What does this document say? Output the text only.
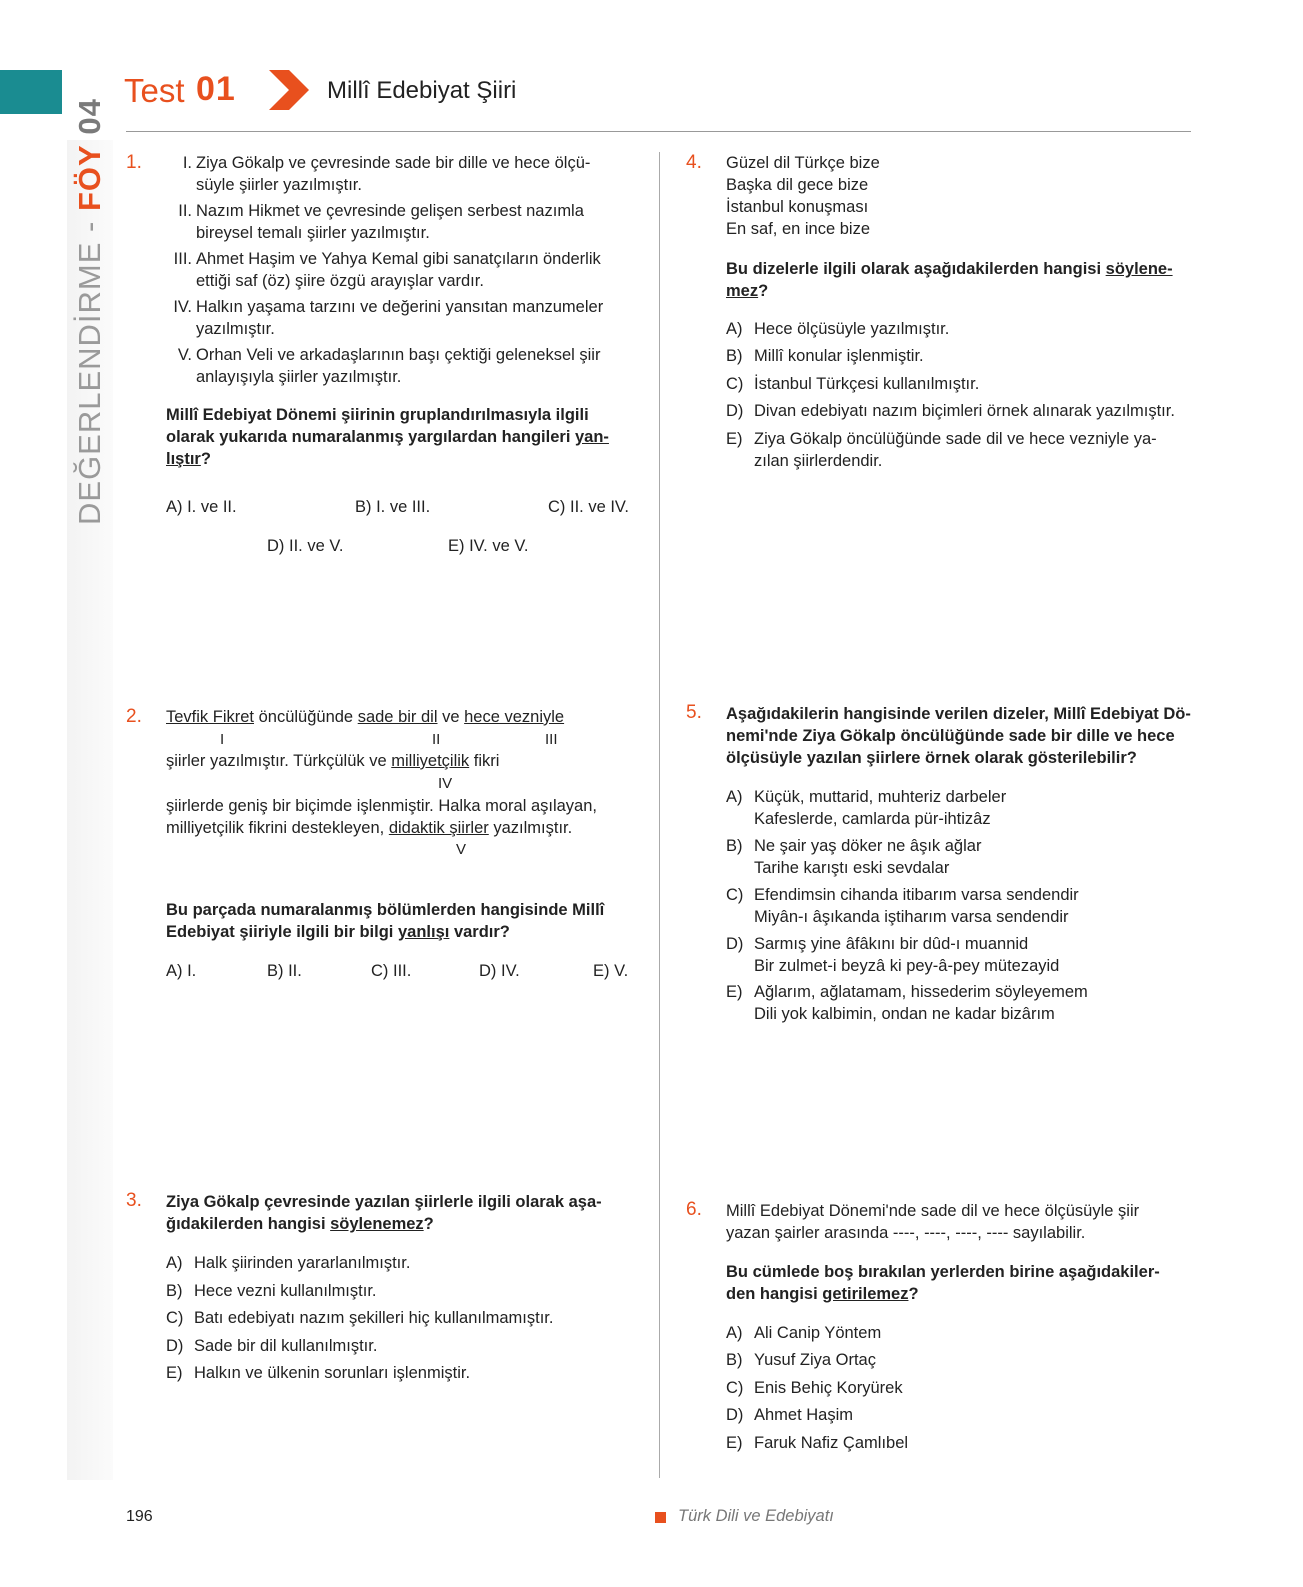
Test 01	Millî Edebiyat Şiiri
DEĞERLENDİRME - FÖY 04
1.	I. Ziya Gökalp ve çevresinde sade bir dille ve hece ölçü-
süyle şiirler yazılmıştır.
II. Nazım Hikmet ve çevresinde gelişen serbest nazımla
bireysel temalı şiirler yazılmıştır.
III. Ahmet Haşim ve Yahya Kemal gibi sanatçıların önderlik
ettiği saf (öz) şiire özgü arayışlar vardır.
IV. Halkın yaşama tarzını ve değerini yansıtan manzumeler
yazılmıştır.
V. Orhan Veli ve arkadaşlarının başı çektiği geleneksel şiir
anlayışıyla şiirler yazılmıştır.
Millî Edebiyat Dönemi şiirinin gruplandırılmasıyla ilgili
olarak yukarıda numaralanmış yargılardan hangileri yan-
lıştır?
A) I. ve II.	B) I. ve III.	C) II. ve IV.
D) II. ve V.	E) IV. ve V.
2. Tevfik Fikret öncülüğünde sade bir dil ve hece vezniyle
I	II	III
şiirler yazılmıştır. Türkçülük ve milliyetçilik fikri
IV
şiirlerde geniş bir biçimde işlenmiştir. Halka moral aşılayan,
milliyetçilik fikrini destekleyen, didaktik şiirler yazılmıştır.
V
Bu parçada numaralanmış bölümlerden hangisinde Millî
Edebiyat şiiriyle ilgili bir bilgi yanlışı vardır?
A) I.	B) II.	C) III.	D) IV.	E) V.
3. Ziya Gökalp çevresinde yazılan şiirlerle ilgili olarak aşa-
ğıdakilerden hangisi söylenemez?
A) Halk şiirinden yararlanılmıştır.
B) Hece vezni kullanılmıştır.
C) Batı edebiyatı nazım şekilleri hiç kullanılmamıştır.
D) Sade bir dil kullanılmıştır.
E) Halkın ve ülkenin sorunları işlenmiştir.
4. Güzel dil Türkçe bize
Başka dil gece bize
İstanbul konuşması
En saf, en ince bize
Bu dizelerle ilgili olarak aşağıdakilerden hangisi söylene-
mez?
A) Hece ölçüsüyle yazılmıştır.
B) Millî konular işlenmiştir.
C) İstanbul Türkçesi kullanılmıştır.
D) Divan edebiyatı nazım biçimleri örnek alınarak yazılmıştır.
E) Ziya Gökalp öncülüğünde sade dil ve hece vezniyle ya-
zılan şiirlerdendir.
5. Aşağıdakilerin hangisinde verilen dizeler, Millî Edebiyat Dö-
nemi'nde Ziya Gökalp öncülüğünde sade bir dille ve hece
ölçüsüyle yazılan şiirlere örnek olarak gösterilebilir?
A) Küçük, muttarid, muhteriz darbeler
Kafeslerde, camlarda pür-ihtizâz
B) Ne şair yaş döker ne âşık ağlar
Tarihe karıştı eski sevdalar
C) Efendimsin cihanda itibarım varsa sendendir
Miyân-ı âşıkanda iştiharım varsa sendendir
D) Sarmış yine âfâkını bir dûd-ı muannid
Bir zulmet-i beyzâ ki pey-â-pey mütezayid
E) Ağlarım, ağlatamam, hissederim söyleyemem
Dili yok kalbimin, ondan ne kadar bizârım
6. Millî Edebiyat Dönemi'nde sade dil ve hece ölçüsüyle şiir
yazan şairler arasında ----, ----, ----, ---- sayılabilir.
Bu cümlede boş bırakılan yerlerden birine aşağıdakiler-
den hangisi getirilemez?
A) Ali Canip Yöntem
B) Yusuf Ziya Ortaç
C) Enis Behiç Koryürek
D) Ahmet Haşim
E) Faruk Nafiz Çamlıbel
196	Türk Dili ve Edebiyatı
